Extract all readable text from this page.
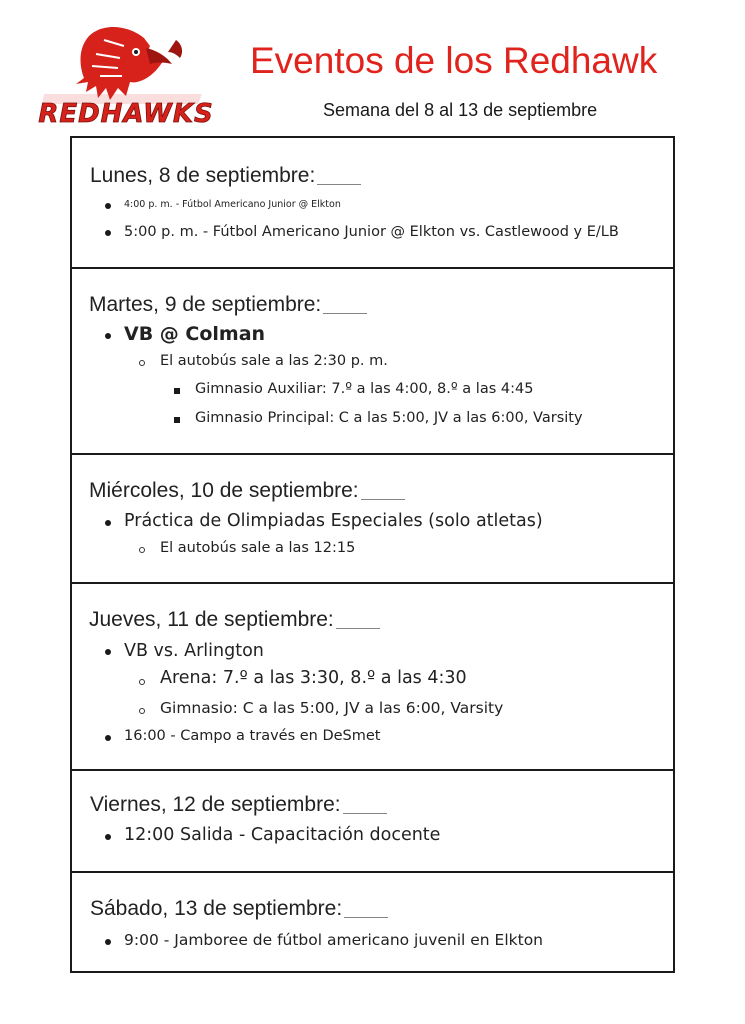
REDHAWKS
Eventos de los Redhawk
Semana del 8 al 13 de septiembre
Lunes, 8 de septiembre:
4:00 p. m. - Fútbol Americano Junior @ Elkton
5:00 p. m. - Fútbol Americano Junior @ Elkton vs. Castlewood y E/LB
Martes, 9 de septiembre:
VB @ Colman
El autobús sale a las 2:30 p. m.
Gimnasio Auxiliar: 7.º a las 4:00, 8.º a las 4:45
Gimnasio Principal: C a las 5:00, JV a las 6:00, Varsity
Miércoles, 10 de septiembre:
Práctica de Olimpiadas Especiales (solo atletas)
El autobús sale a las 12:15
Jueves, 11 de septiembre:
VB vs. Arlington
Arena: 7.º a las 3:30, 8.º a las 4:30
Gimnasio: C a las 5:00, JV a las 6:00, Varsity
16:00 - Campo a través en DeSmet
Viernes, 12 de septiembre:
12:00 Salida - Capacitación docente
Sábado, 13 de septiembre:
9:00 - Jamboree de fútbol americano juvenil en Elkton
